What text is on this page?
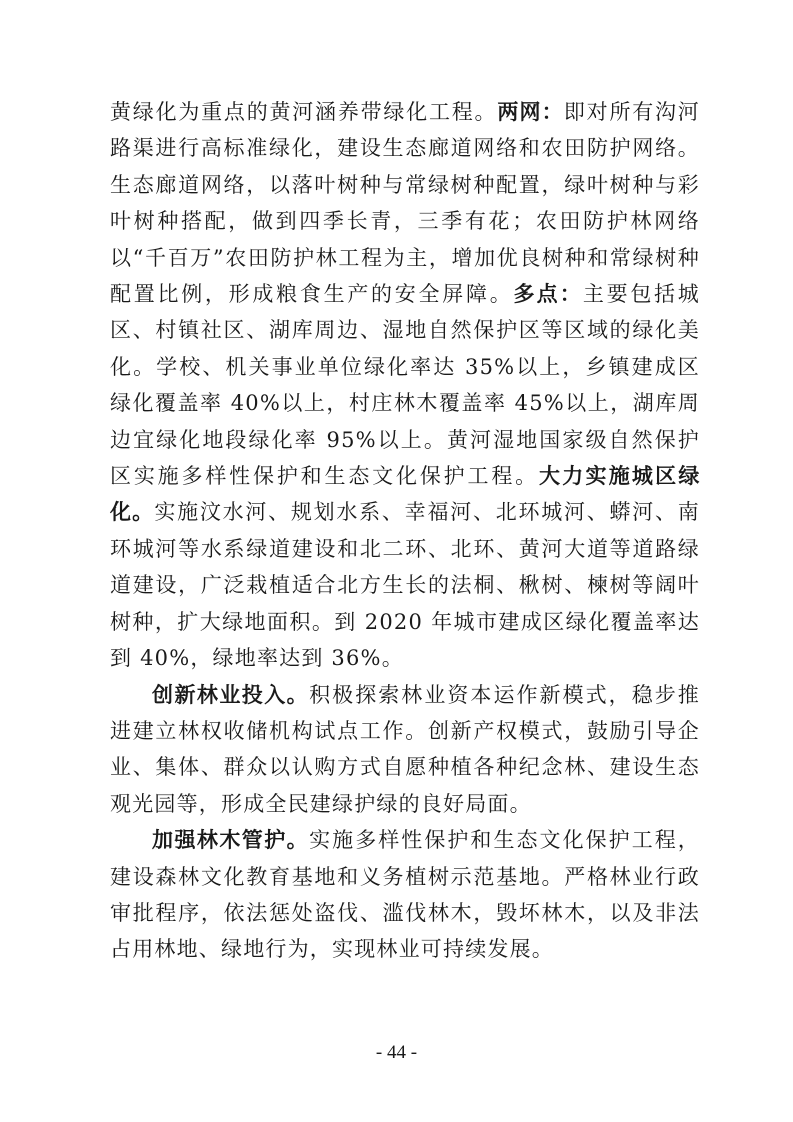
黄绿化为重点的黄河涵养带绿化工程。两网：即对所有沟河路渠进行高标准绿化，建设生态廊道网络和农田防护网络。生态廊道网络，以落叶树种与常绿树种配置，绿叶树种与彩叶树种搭配，做到四季长青，三季有花；农田防护林网络以“千百万”农田防护林工程为主，增加优良树种和常绿树种配置比例，形成粮食生产的安全屏障。多点：主要包括城区、村镇社区、湖库周边、湿地自然保护区等区域的绿化美化。学校、机关事业单位绿化率达 35%以上，乡镇建成区绿化覆盖率 40%以上，村庄林木覆盖率 45%以上，湖库周边宜绿化地段绿化率 95%以上。黄河湿地国家级自然保护区实施多样性保护和生态文化保护工程。大力实施城区绿化。实施汶水河、规划水系、幸福河、北环城河、蟒河、南环城河等水系绿道建设和北二环、北环、黄河大道等道路绿道建设，广泛栽植适合北方生长的法桐、楸树、楝树等阔叶树种，扩大绿地面积。到 2020 年城市建成区绿化覆盖率达到 40%，绿地率达到 36%。

创新林业投入。积极探索林业资本运作新模式，稳步推进建立林权收储机构试点工作。创新产权模式，鼓励引导企业、集体、群众以认购方式自愿种植各种纪念林、建设生态观光园等，形成全民建绿护绿的良好局面。

加强林木管护。实施多样性保护和生态文化保护工程，建设森林文化教育基地和义务植树示范基地。严格林业行政审批程序，依法惩处盗伐、滥伐林木，毁坏林木，以及非法占用林地、绿地行为，实现林业可持续发展。

- 44 -
